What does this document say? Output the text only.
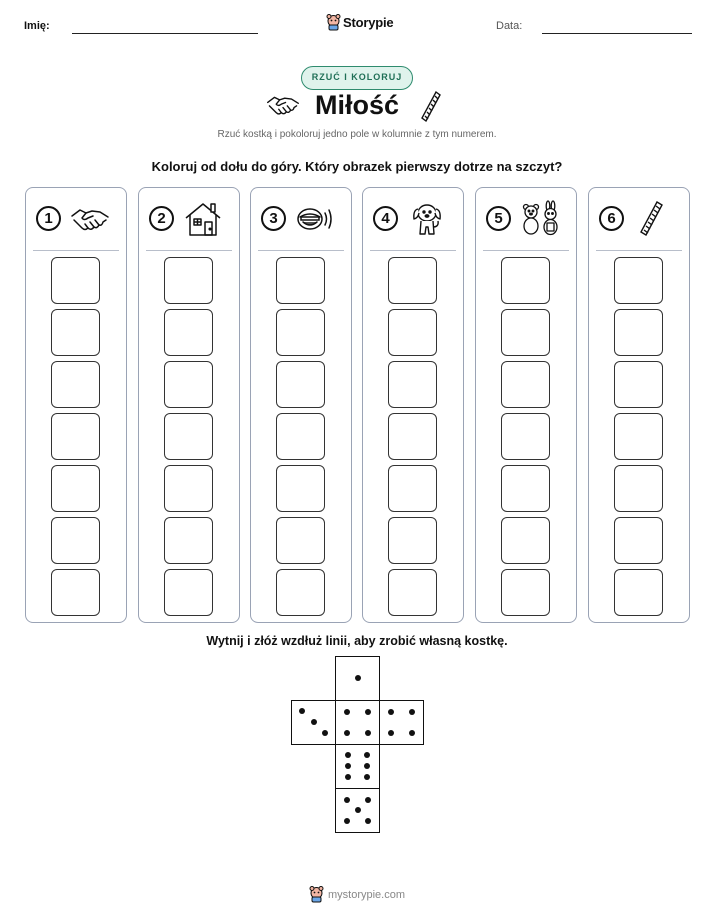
Imię:	Storypie	Data:
RZUĆ I KOLORUJ
Miłość
Rzuć kostką i pokoloruj jedno pole w kolumnie z tym numerem.
Koloruj od dołu do góry. Który obrazek pierwszy dotrze na szczyt?
1	2	3	4	5	6
Wytnij i złóż wzdłuż linii, aby zrobić własną kostkę.
mystorypie.com
